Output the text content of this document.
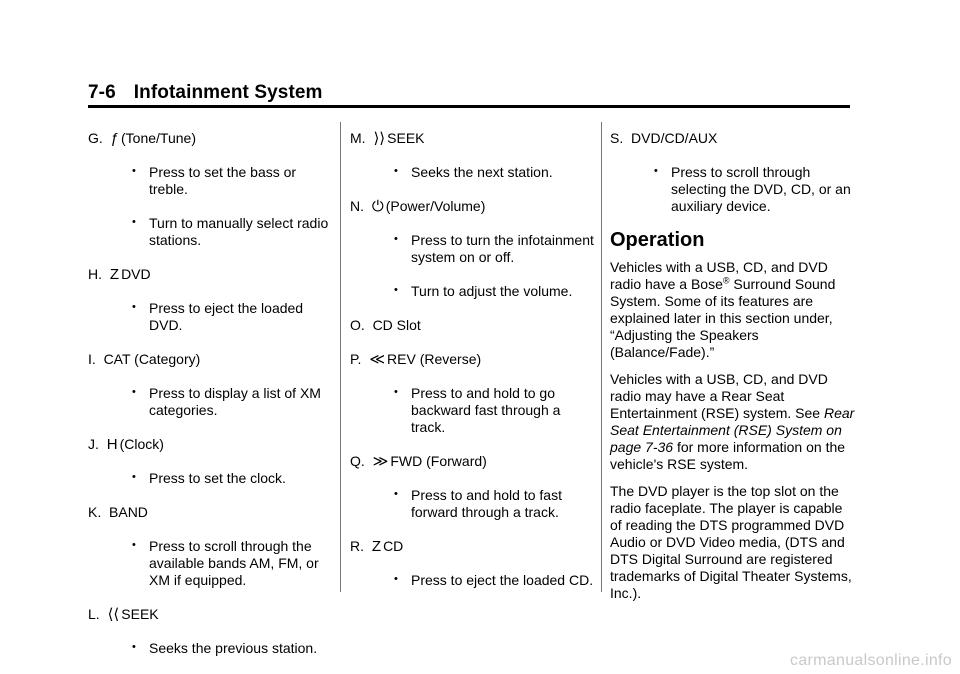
7-6 Infotainment System
G. ƒ (Tone/Tune)
• Press to set the bass or treble.
• Turn to manually select radio stations.
H. Z DVD
• Press to eject the loaded DVD.
I. CAT (Category)
• Press to display a list of XM categories.
J. H (Clock)
• Press to set the clock.
K. BAND
• Press to scroll through the available bands AM, FM, or XM if equipped.
L. ⟨⟨ SEEK
• Seeks the previous station.
M. ⟩⟩ SEEK
• Seeks the next station.
N. ⏻ (Power/Volume)
• Press to turn the infotainment system on or off.
• Turn to adjust the volume.
O. CD Slot
P. ≪ REV (Reverse)
• Press to and hold to go backward fast through a track.
Q. ≫ FWD (Forward)
• Press to and hold to fast forward through a track.
R. Z CD
• Press to eject the loaded CD.
S. DVD/CD/AUX
• Press to scroll through selecting the DVD, CD, or an auxiliary device.
Operation

Vehicles with a USB, CD, and DVD radio have a Bose® Surround Sound System. Some of its features are explained later in this section under, “Adjusting the Speakers (Balance/Fade).”

Vehicles with a USB, CD, and DVD radio may have a Rear Seat Entertainment (RSE) system. See Rear Seat Entertainment (RSE) System on page 7‑36 for more information on the vehicle's RSE system.

The DVD player is the top slot on the radio faceplate. The player is capable of reading the DTS programmed DVD Audio or DVD Video media, (DTS and DTS Digital Surround are registered trademarks of Digital Theater Systems, Inc.).

carmanualsonline.info
